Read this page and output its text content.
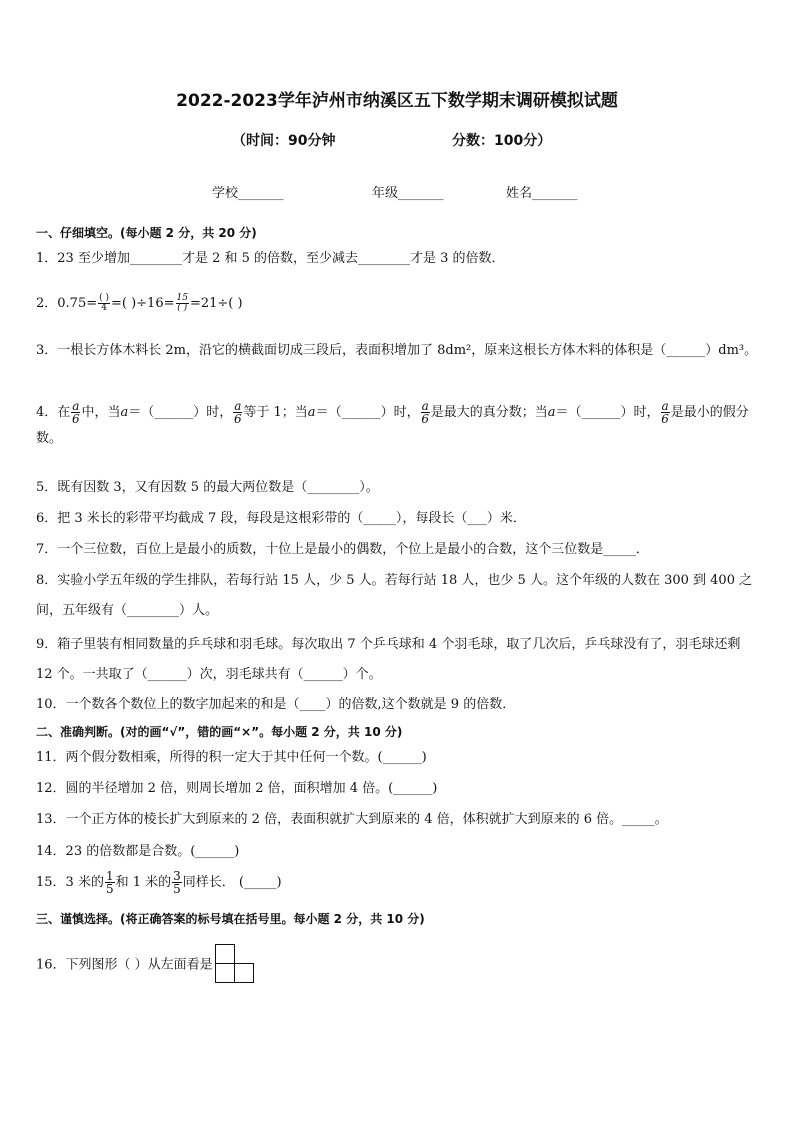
2022-2023学年泸州市纳溪区五下数学期末调研模拟试题
（时间：90分钟	分数：100分）
学校_______	年级_______	姓名_______
一、仔细填空。(每小题 2 分，共 20 分)
1．23 至少增加________才是 2 和 5 的倍数，至少减去________才是 3 的倍数．
2．$0.75= \frac{( )}{4}$ =( )$\div 16= \frac{15}{( )} =21\div$( )
3．一根长方体木料长 2m，沿它的横截面切成三段后，表面积增加了 8dm²，原来这根长方体木料的体积是（______）dm³。
4．在 $\frac{a}{6}$ 中，当a＝（______）时， $\frac{a}{6}$ 等于 1；当a＝（______）时， $\frac{a}{6}$ 是最大的真分数；当a＝（______）时， $\frac{a}{6}$ 是最小的假分数。
5．既有因数 3，又有因数 5 的最大两位数是（________）。
6．把 3 米长的彩带平均截成 7 段，每段是这根彩带的（_____），每段长（___）米．
7．一个三位数，百位上是最小的质数，十位上是最小的偶数，个位上是最小的合数，这个三位数是_____．
8．实验小学五年级的学生排队，若每行站 15 人，少 5 人。若每行站 18 人，也少 5 人。这个年级的人数在 300 到 400 之间，五年级有（________）人。
9．箱子里装有相同数量的乒乓球和羽毛球。每次取出 7 个乒乓球和 4 个羽毛球，取了几次后，乒乓球没有了，羽毛球还剩 12 个。一共取了（______）次，羽毛球共有（______）个。
10．一个数各个数位上的数字加起来的和是（____）的倍数,这个数就是 9 的倍数．
二、准确判断。(对的画“√”，错的画“×”。每小题 2 分，共 10 分)
11．两个假分数相乘，所得的积一定大于其中任何一个数。(______)
12．圆的半径增加 2 倍，则周长增加 2 倍，面积增加 4 倍。(______)
13．一个正方体的棱长扩大到原来的 2 倍，表面积就扩大到原来的 4 倍，体积就扩大到原来的 6 倍。_____。
14．23 的倍数都是合数。(______)
15．3 米的 $\frac{1}{5}$ 和 1 米的 $\frac{3}{5}$ 同样长． (_____)
三、谨慎选择。(将正确答案的标号填在括号里。每小题 2 分，共 10 分)
16．下列图形（ ）从左面看是
